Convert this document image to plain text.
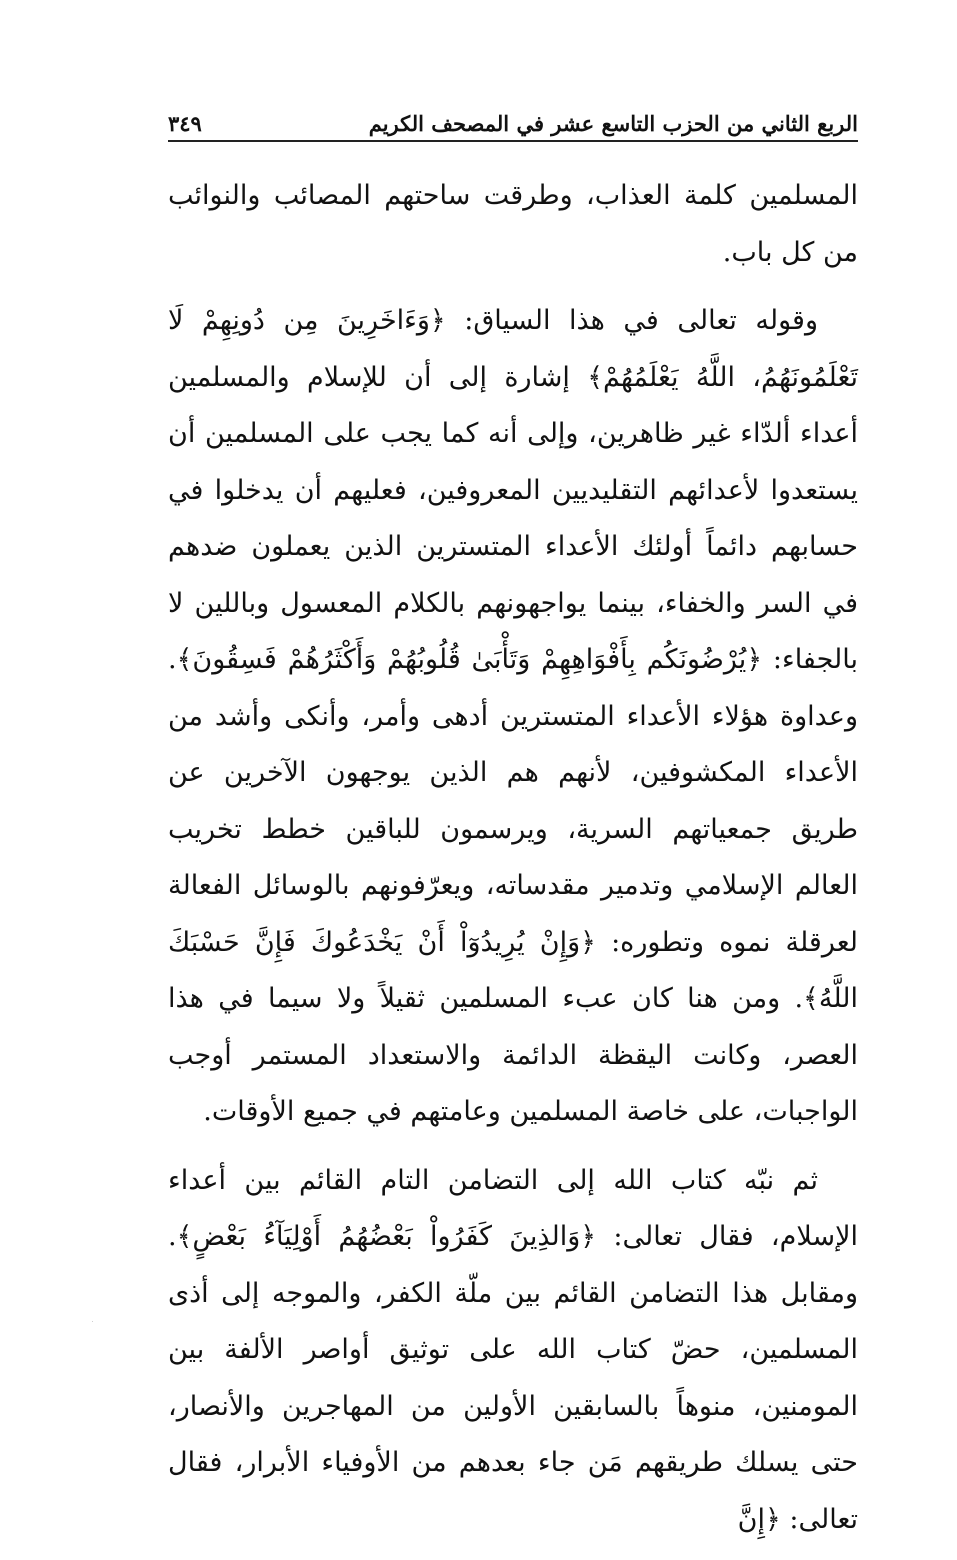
الربع الثاني من الحزب التاسع عشر في المصحف الكريم
٣٤٩

المسلمين كلمة العذاب، وطرقت ساحتهم المصائب والنوائب من كل باب.

وقوله تعالى في هذا السياق: ﴿وَءَاخَرِينَ مِن دُونِهِمْ لَا تَعْلَمُونَهُمُ، اللَّهُ يَعْلَمُهُمْ﴾ إشارة إلى أن للإسلام والمسلمين أعداء ألدّاء غير ظاهرين، وإلى أنه كما يجب على المسلمين أن يستعدوا لأعدائهم التقليديين المعروفين، فعليهم أن يدخلوا في حسابهم دائماً أولئك الأعداء المتسترين الذين يعملون ضدهم في السر والخفاء، بينما يواجهونهم بالكلام المعسول وباللين لا بالجفاء: ﴿يُرْضُونَكُم بِأَفْوَاهِهِمْ وَتَأْبَىٰ قُلُوبُهُمْ وَأَكْثَرُهُمْ فَسِقُونَ﴾. وعداوة هؤلاء الأعداء المتسترين أدهى وأمر، وأنكى وأشد من الأعداء المكشوفين، لأنهم هم الذين يوجهون الآخرين عن طريق جمعياتهم السرية، ويرسمون للباقين خطط تخريب العالم الإسلامي وتدمير مقدساته، ويعرّفونهم بالوسائل الفعالة لعرقلة نموه وتطوره: ﴿وَإِنْ يُرِيدُوٓاْ أَنْ يَخْدَعُوكَ فَإِنَّ حَسْبَكَ اللَّهُ﴾. ومن هنا كان عبء المسلمين ثقيلاً ولا سيما في هذا العصر، وكانت اليقظة الدائمة والاستعداد المستمر أوجب الواجبات، على خاصة المسلمين وعامتهم في جميع الأوقات.

ثم نبّه كتاب الله إلى التضامن التام القائم بين أعداء الإسلام، فقال تعالى: ﴿وَالذِينَ كَفَرُواْ بَعْضُهُمُ أَوْلِيَآءُ بَعْضٍ﴾. ومقابل هذا التضامن القائم بين ملّة الكفر، والموجه إلى أذى المسلمين، حضّ كتاب الله على توثيق أواصر الألفة بين المومنين، منوهاً بالسابقين الأولين من المهاجرين والأنصار، حتى يسلك طريقهم مَن جاء بعدهم من الأوفياء الأبرار، فقال تعالى: ﴿إِنَّ
